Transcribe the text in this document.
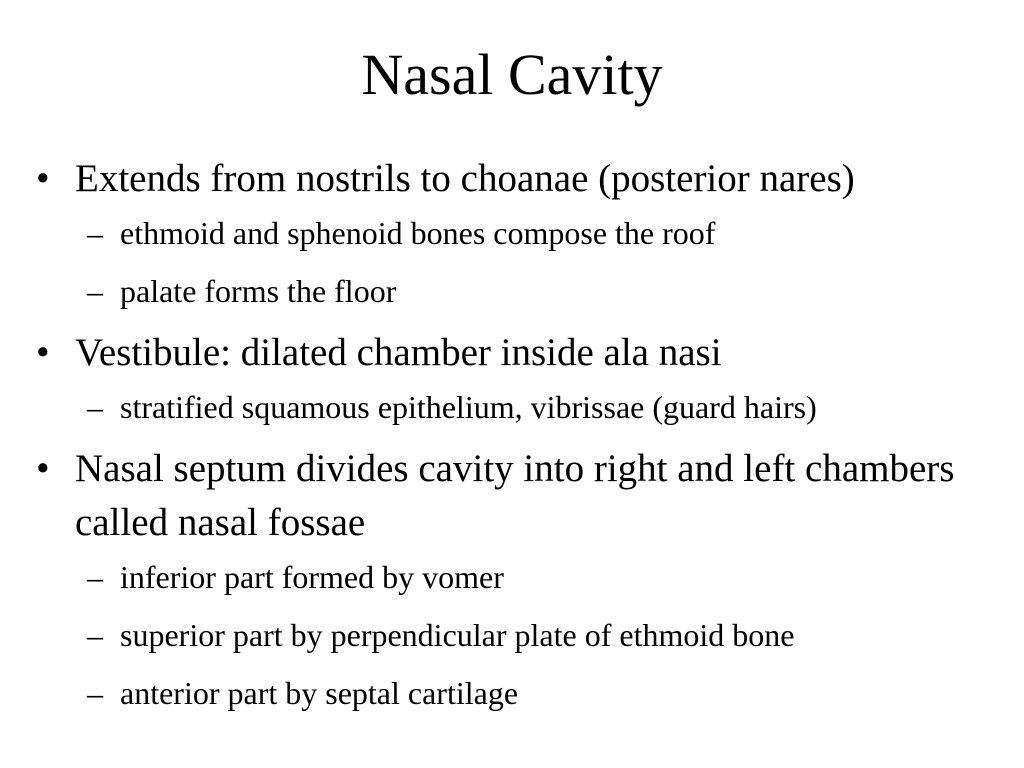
Nasal Cavity
• Extends from nostrils to choanae (posterior nares)
– ethmoid and sphenoid bones compose the roof
– palate forms the floor
• Vestibule: dilated chamber inside ala nasi
– stratified squamous epithelium, vibrissae (guard hairs)
• Nasal septum divides cavity into right and left chambers called nasal fossae
– inferior part formed by vomer
– superior part by perpendicular plate of ethmoid bone
– anterior part by septal cartilage
